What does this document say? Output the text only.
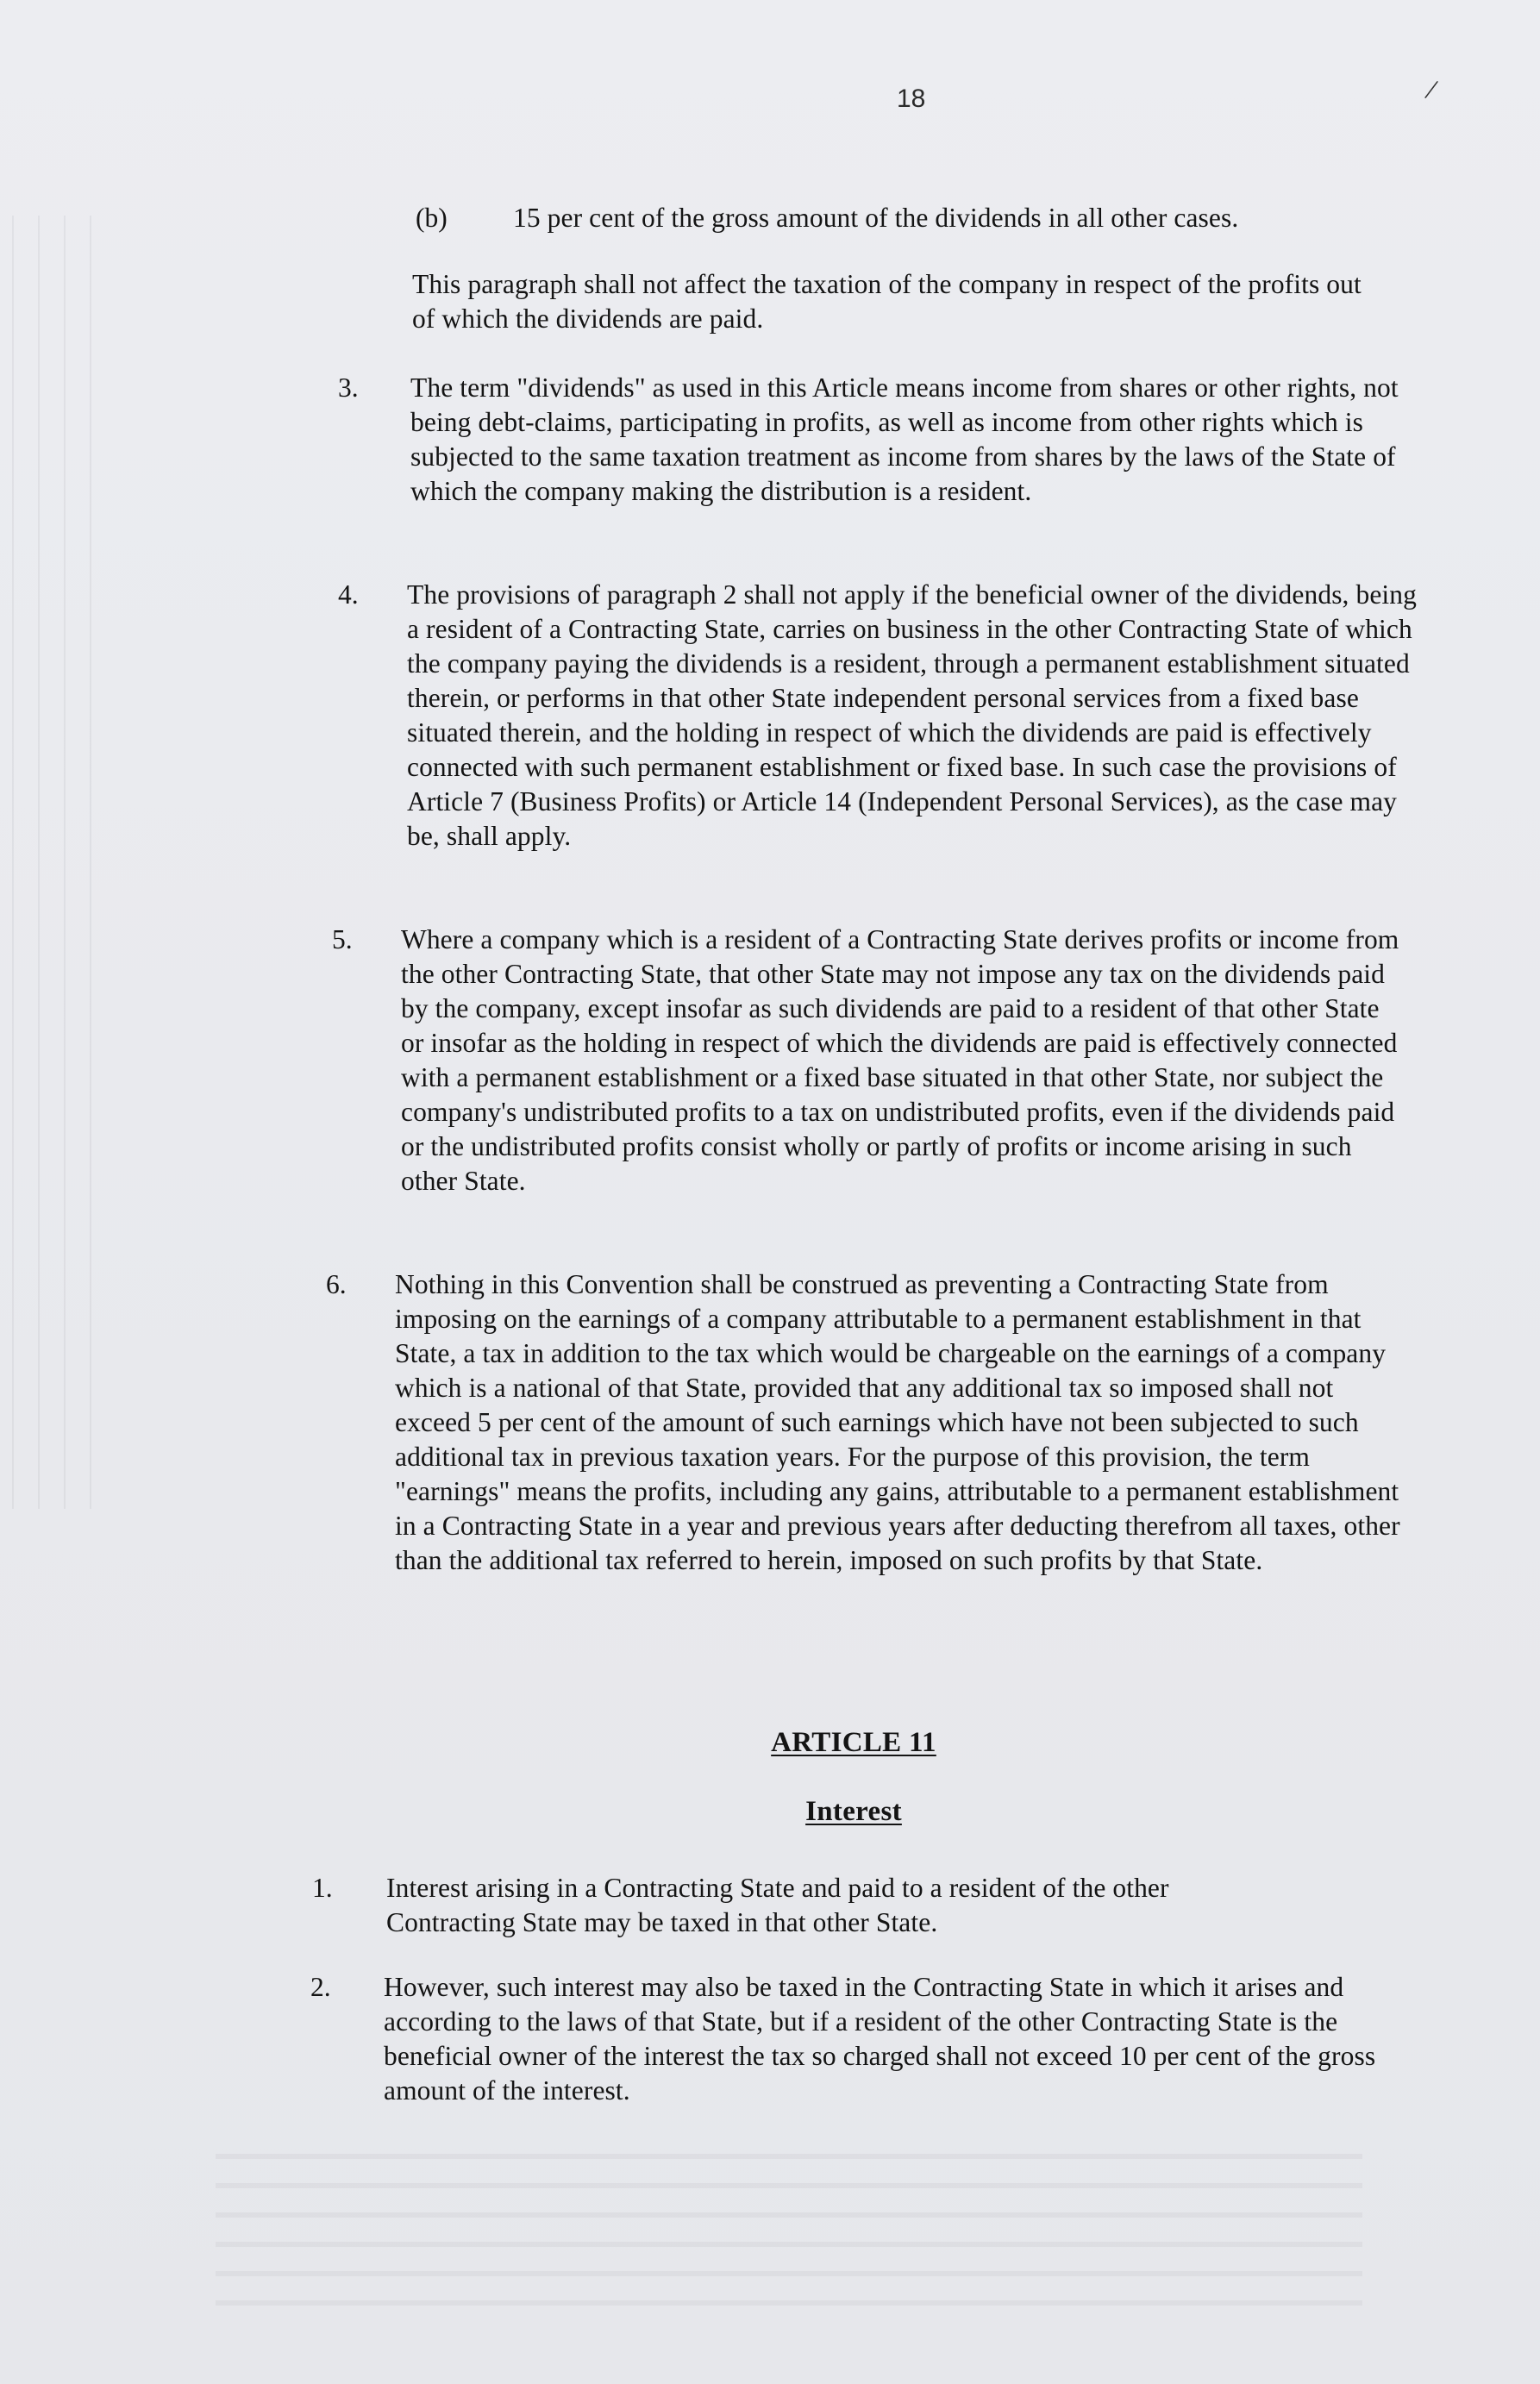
/
18
(b) 15 per cent of the gross amount of the dividends in all other cases.
This paragraph shall not affect the taxation of the company in respect of the profits out of which the dividends are paid.
3. The term "dividends" as used in this Article means income from shares or other rights, not being debt-claims, participating in profits, as well as income from other rights which is subjected to the same taxation treatment as income from shares by the laws of the State of which the company making the distribution is a resident.
4. The provisions of paragraph 2 shall not apply if the beneficial owner of the dividends, being a resident of a Contracting State, carries on business in the other Contracting State of which the company paying the dividends is a resident, through a permanent establishment situated therein, or performs in that other State independent personal services from a fixed base situated therein, and the holding in respect of which the dividends are paid is effectively connected with such permanent establishment or fixed base. In such case the provisions of Article 7 (Business Profits) or Article 14 (Independent Personal Services), as the case may be, shall apply.
5. Where a company which is a resident of a Contracting State derives profits or income from the other Contracting State, that other State may not impose any tax on the dividends paid by the company, except insofar as such dividends are paid to a resident of that other State or insofar as the holding in respect of which the dividends are paid is effectively connected with a permanent establishment or a fixed base situated in that other State, nor subject the company's undistributed profits to a tax on undistributed profits, even if the dividends paid or the undistributed profits consist wholly or partly of profits or income arising in such other State.
6. Nothing in this Convention shall be construed as preventing a Contracting State from imposing on the earnings of a company attributable to a permanent establishment in that State, a tax in addition to the tax which would be chargeable on the earnings of a company which is a national of that State, provided that any additional tax so imposed shall not exceed 5 per cent of the amount of such earnings which have not been subjected to such additional tax in previous taxation years. For the purpose of this provision, the term "earnings" means the profits, including any gains, attributable to a permanent establishment in a Contracting State in a year and previous years after deducting therefrom all taxes, other than the additional tax referred to herein, imposed on such profits by that State.
ARTICLE 11
Interest
1. Interest arising in a Contracting State and paid to a resident of the other Contracting State may be taxed in that other State.
2. However, such interest may also be taxed in the Contracting State in which it arises and according to the laws of that State, but if a resident of the other Contracting State is the beneficial owner of the interest the tax so charged shall not exceed 10 per cent of the gross amount of the interest.
